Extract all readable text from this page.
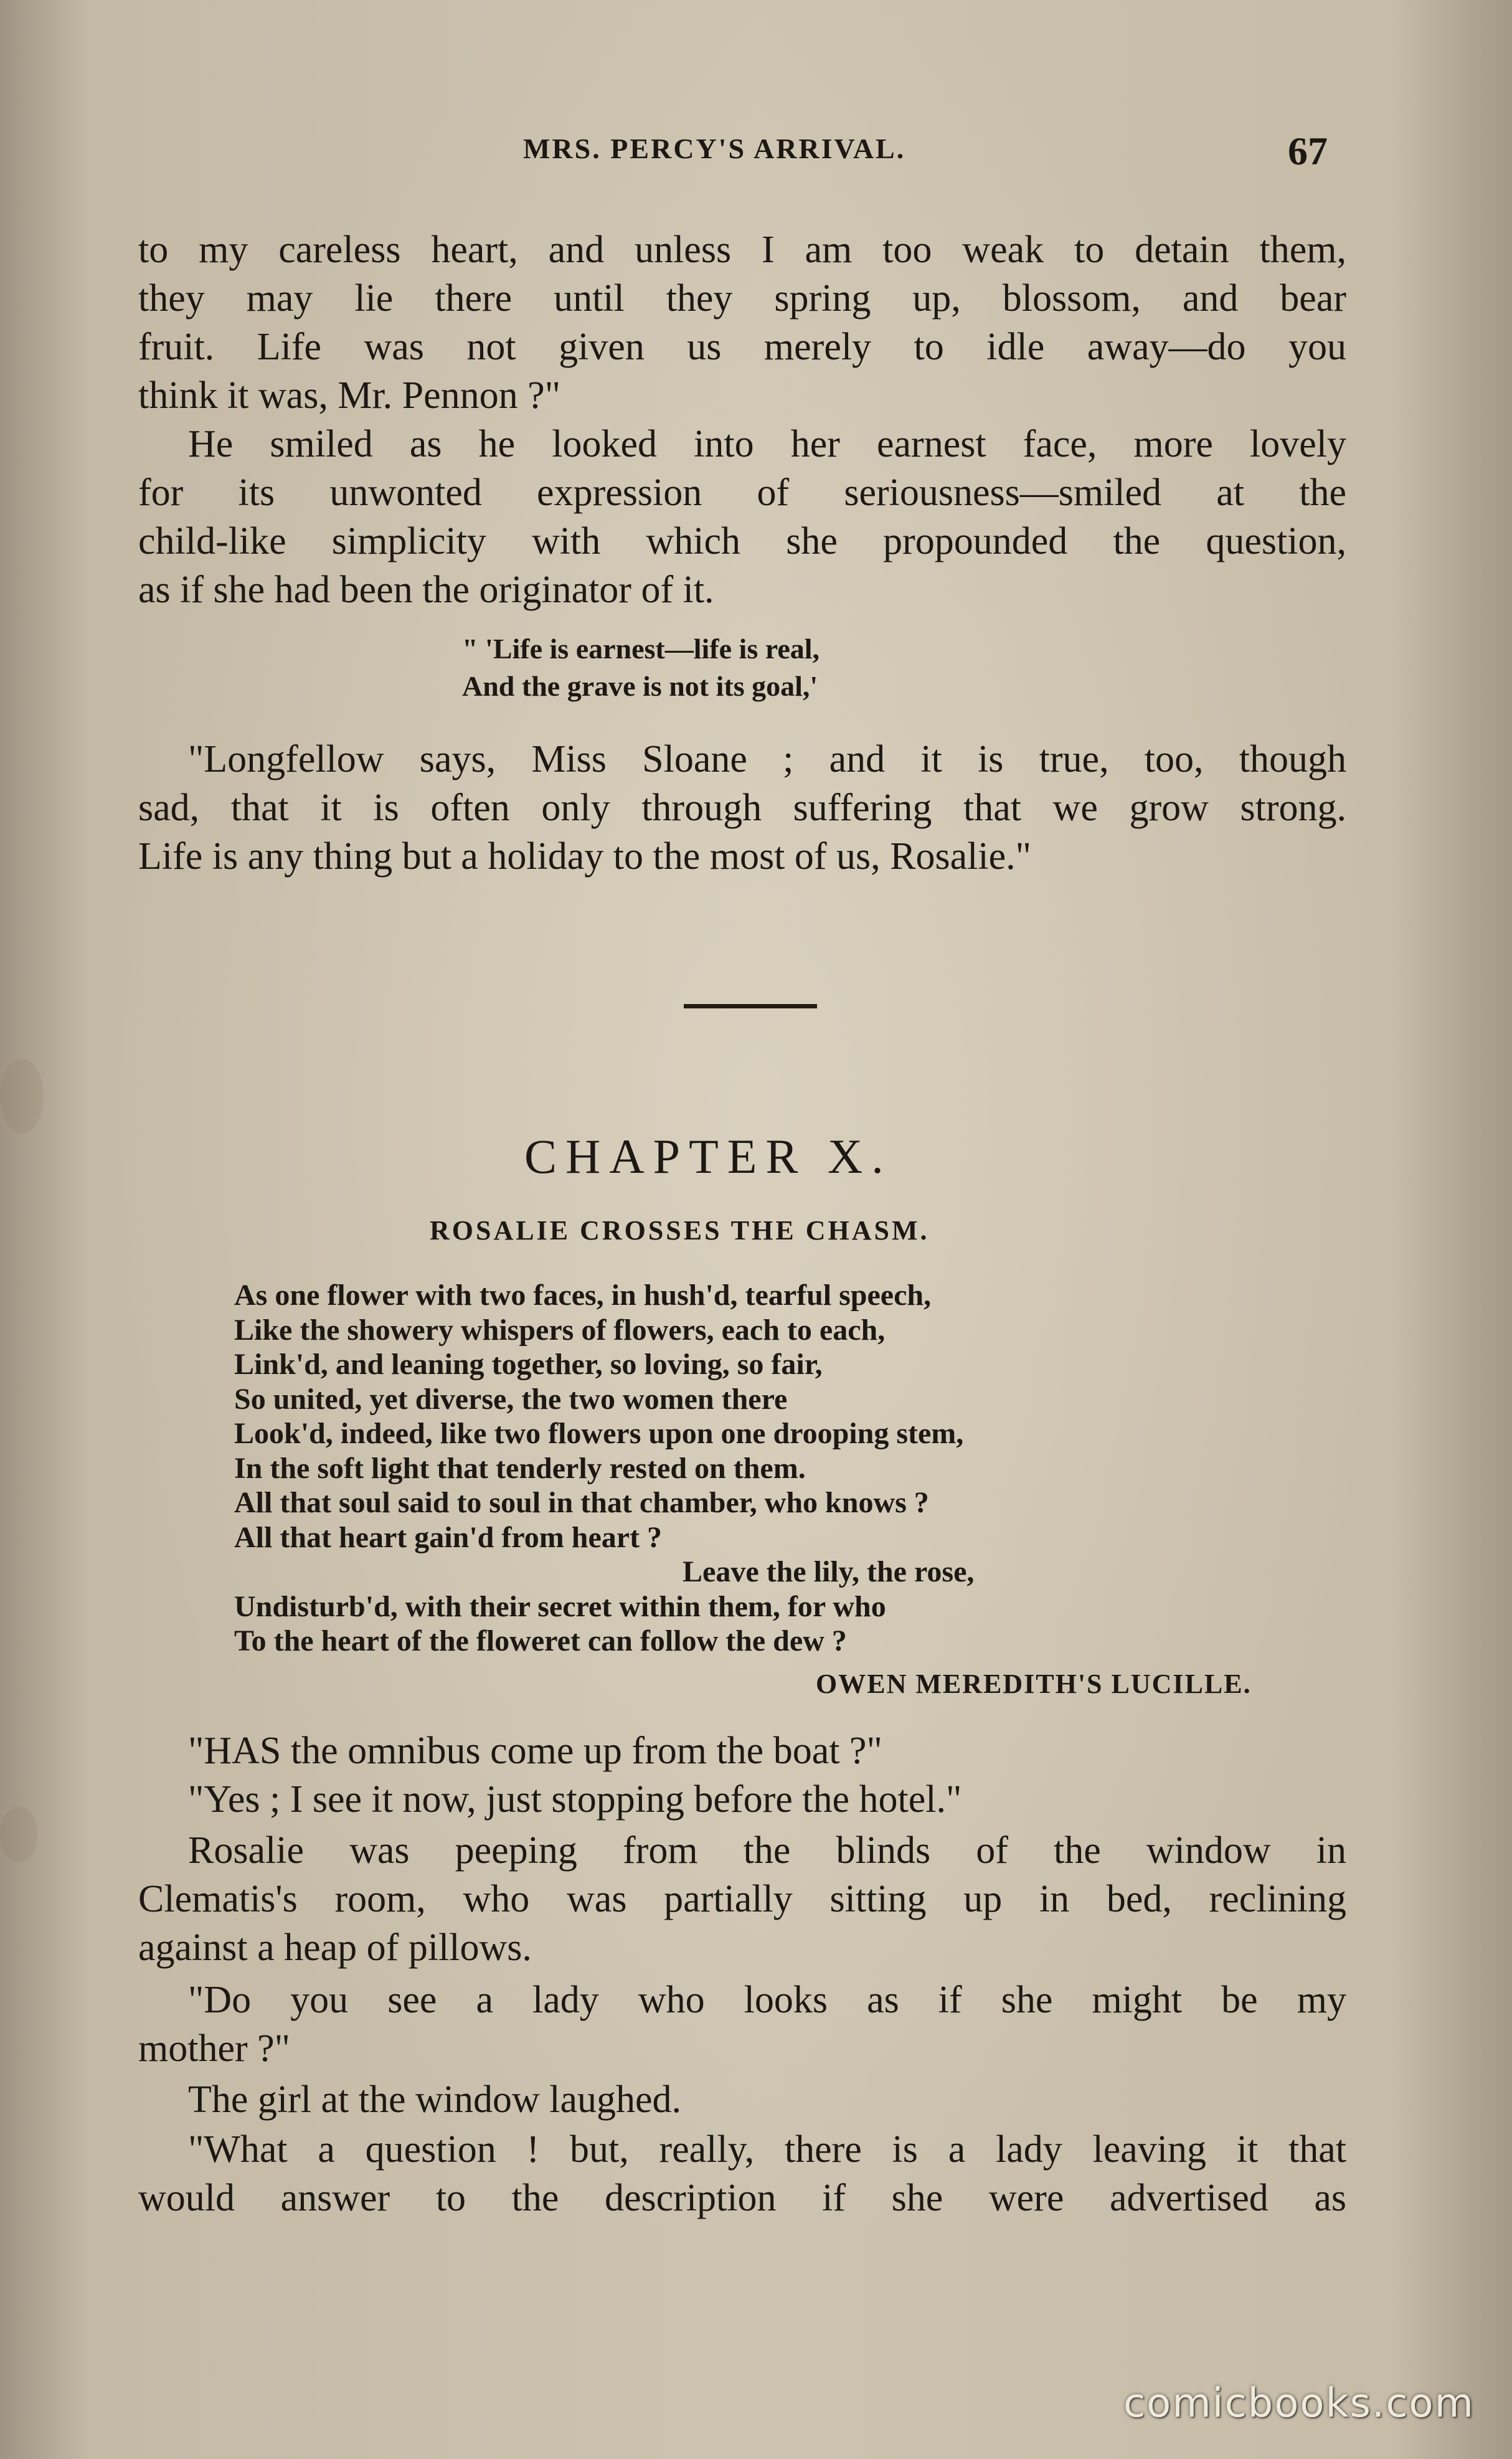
MRS. PERCY'S ARRIVAL.	67
to my careless heart, and unless I am too weak to detain them,
they may lie there until they spring up, blossom, and bear
fruit. Life was not given us merely to idle away—do you
think it was, Mr. Pennon ?"
He smiled as he looked into her earnest face, more lovely
for its unwonted expression of seriousness—smiled at the
child-like simplicity with which she propounded the question,
as if she had been the originator of it.
" 'Life is earnest—life is real,
And the grave is not its goal,'
"Longfellow says, Miss Sloane ; and it is true, too, though
sad, that it is often only through suffering that we grow strong.
Life is any thing but a holiday to the most of us, Rosalie."
CHAPTER X.
ROSALIE CROSSES THE CHASM.
As one flower with two faces, in hush'd, tearful speech,
Like the showery whispers of flowers, each to each,
Link'd, and leaning together, so loving, so fair,
So united, yet diverse, the two women there
Look'd, indeed, like two flowers upon one drooping stem,
In the soft light that tenderly rested on them.
All that soul said to soul in that chamber, who knows ?
All that heart gain'd from heart ?
Leave the lily, the rose,
Undisturb'd, with their secret within them, for who
To the heart of the floweret can follow the dew ?
OWEN MEREDITH'S LUCILLE.
"HAS the omnibus come up from the boat ?"
"Yes ; I see it now, just stopping before the hotel."
Rosalie was peeping from the blinds of the window in
Clematis's room, who was partially sitting up in bed, reclining
against a heap of pillows.
"Do you see a lady who looks as if she might be my
mother ?"
The girl at the window laughed.
"What a question ! but, really, there is a lady leaving it that
would answer to the description if she were advertised as
comicbooks.com
